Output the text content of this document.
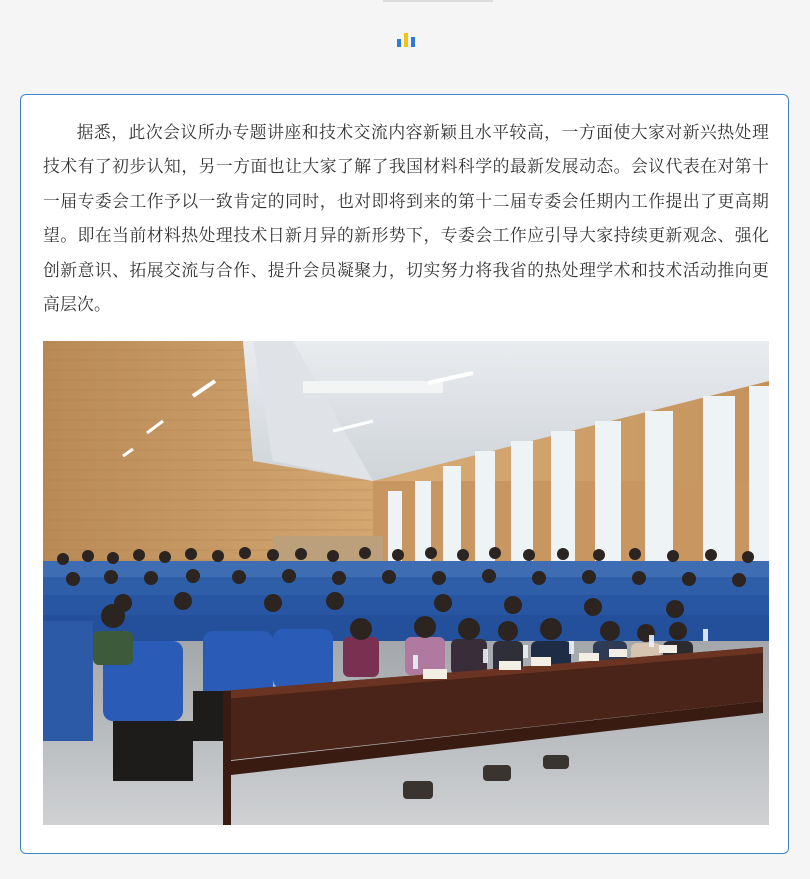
据悉，此次会议所办专题讲座和技术交流内容新颖且水平较高，一方面使大家对新兴热处理技术有了初步认知，另一方面也让大家了解了我国材料科学的最新发展动态。会议代表在对第十一届专委会工作予以一致肯定的同时，也对即将到来的第十二届专委会任期内工作提出了更高期望。即在当前材料热处理技术日新月异的新形势下，专委会工作应引导大家持续更新观念、强化创新意识、拓展交流与合作、提升会员凝聚力，切实努力将我省的热处理学术和技术活动推向更高层次。
